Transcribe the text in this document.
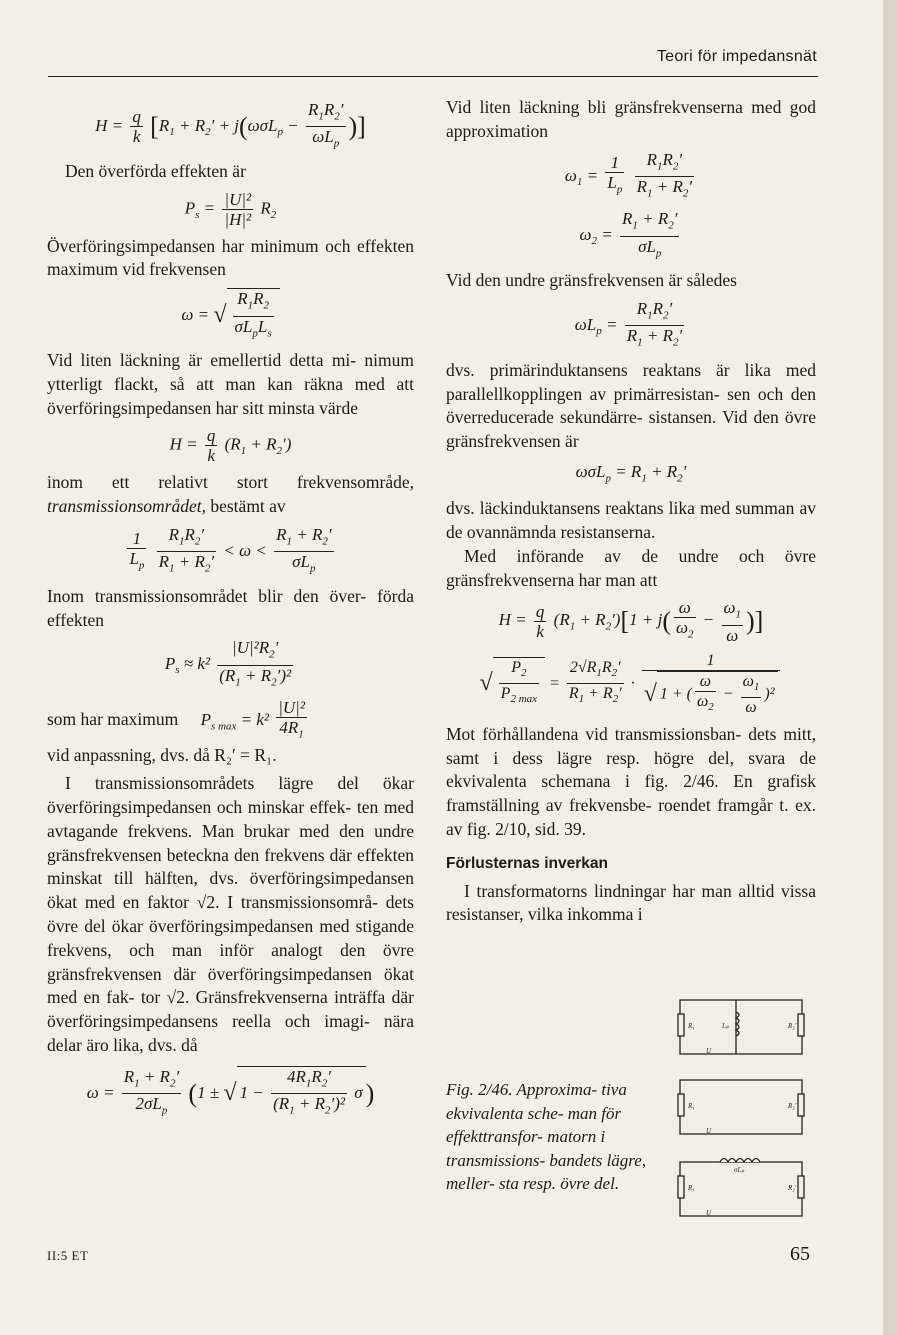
Teori för impedansnät
$H = \frac{q}{k} [R_1 + R_2' + j(\omega\sigma L_p - \frac{R_1R_2'}{\omega L_p}$ )]

Den överförda effekten är

$P_s = \frac{\text{|U|²}}{\text{|H|²}} R_2$

Överföringsimpedansen har minimum och effekten maximum vid frekvensen

ω = √ $\frac{R_1R_2}{\sigma L_pL_s}$

Vid liten läckning är emellertid detta mi- nimum ytterligt flackt, så att man kan räkna med att överföringsimpedansen har sitt minsta värde

$H = \frac{q}{k} (R_1 + R_2')$

inom ett relativt stort frekvensområde, transmissionsområdet, bestämt av

$\frac{1}{L_p}$
$\frac{R_1R_2'}{R_1 + R_2'} < \omega < \frac{R_1 + R_2'}{\sigma L_p}$

Inom transmissionsområdet blir den över- förda effekten

$P_s \approx k^2 \frac{|U|^2R_2'}{(R_1 + R_2')^2}$

som har maximum $P_{s max} = k^2 \frac{\text{|U|²}}{4R_1}$

vid anpassning, dvs. då R₂′ = R₁.

I transmissionsområdets lägre del ökar överföringsimpedansen och minskar effek- ten med avtagande frekvens. Man brukar med den undre gränsfrekvensen beteckna den frekvens där effekten minskat till hälften, dvs. överföringsimpedansen ökat med en faktor √2. I transmissionsområ- dets övre del ökar överföringsimpedansen med stigande frekvens, och man inför analogt den övre gränsfrekvensen där överföringsimpedansen ökat med en fak- tor √2. Gränsfrekvenserna inträffa där överföringsimpedansens reella och imagi- nära delar äro lika, dvs. då

$\omega = \frac{R_1 + R_2'}{2\sigma L_p} (1$ ± √ $1 - \frac{4R_1R_2'}{(R_1 + R_2')^2}$ σ )

Vid liten läckning bli gränsfrekvenserna med god approximation

$\omega_1 = \frac{1}{L_p}$
$\frac{R_1R_2'}{R_1 + R_2'}$
$\omega_2 = \frac{R_1 + R_2'}{\sigma L_p}$

Vid den undre gränsfrekvensen är således

$\omega L_p = \frac{R_1R_2'}{R_1 + R_2'}$

dvs. primärinduktansens reaktans är lika med parallellkopplingen av primärresistan- sen och den överreducerade sekundärre- sistansen. Vid den övre gränsfrekvensen är

$\omega\sigma L_p = R_1 + R_2'$

dvs. läckinduktansens reaktans lika med summan av de ovannämnda resistanserna.

Med införande av de undre och övre gränsfrekvenserna har man att

$H = \frac{q}{k} (R_1 + R_2')[1 + j( \frac{\omega}{\omega_2} - \frac{\omega_1}{\omega}$ )]
√ $\frac{P_2}{P_{2 max}} = \frac{2√R_1R_2'}{R_1 + R_2'} \cdot \frac{1}{√ 1 + ( \frac{\omega}{\omega_2} - \frac{\omega_1}{\omega} )^2}$

Mot förhållandena vid transmissionsban- dets mitt, samt i dess lägre resp. högre del, svara de ekvivalenta schemana i fig. 2/46. En grafisk framställning av frekvensbe- roendet framgår t. ex. av fig. 2/10, sid. 39.

Förlusternas inverkan

I transformatorns lindningar har man alltid vissa resistanser, vilka inkomma i

R₁	Lₚ	R₂′
U
R₁	R₂′
U
R₁
σLₚ
R₂′
U
Fig. 2/46. Approxima- tiva ekvivalenta sche- man för effekttransfor- matorn i transmissions- bandets lägre, meller- sta resp. övre del.
II:5 ET	65
